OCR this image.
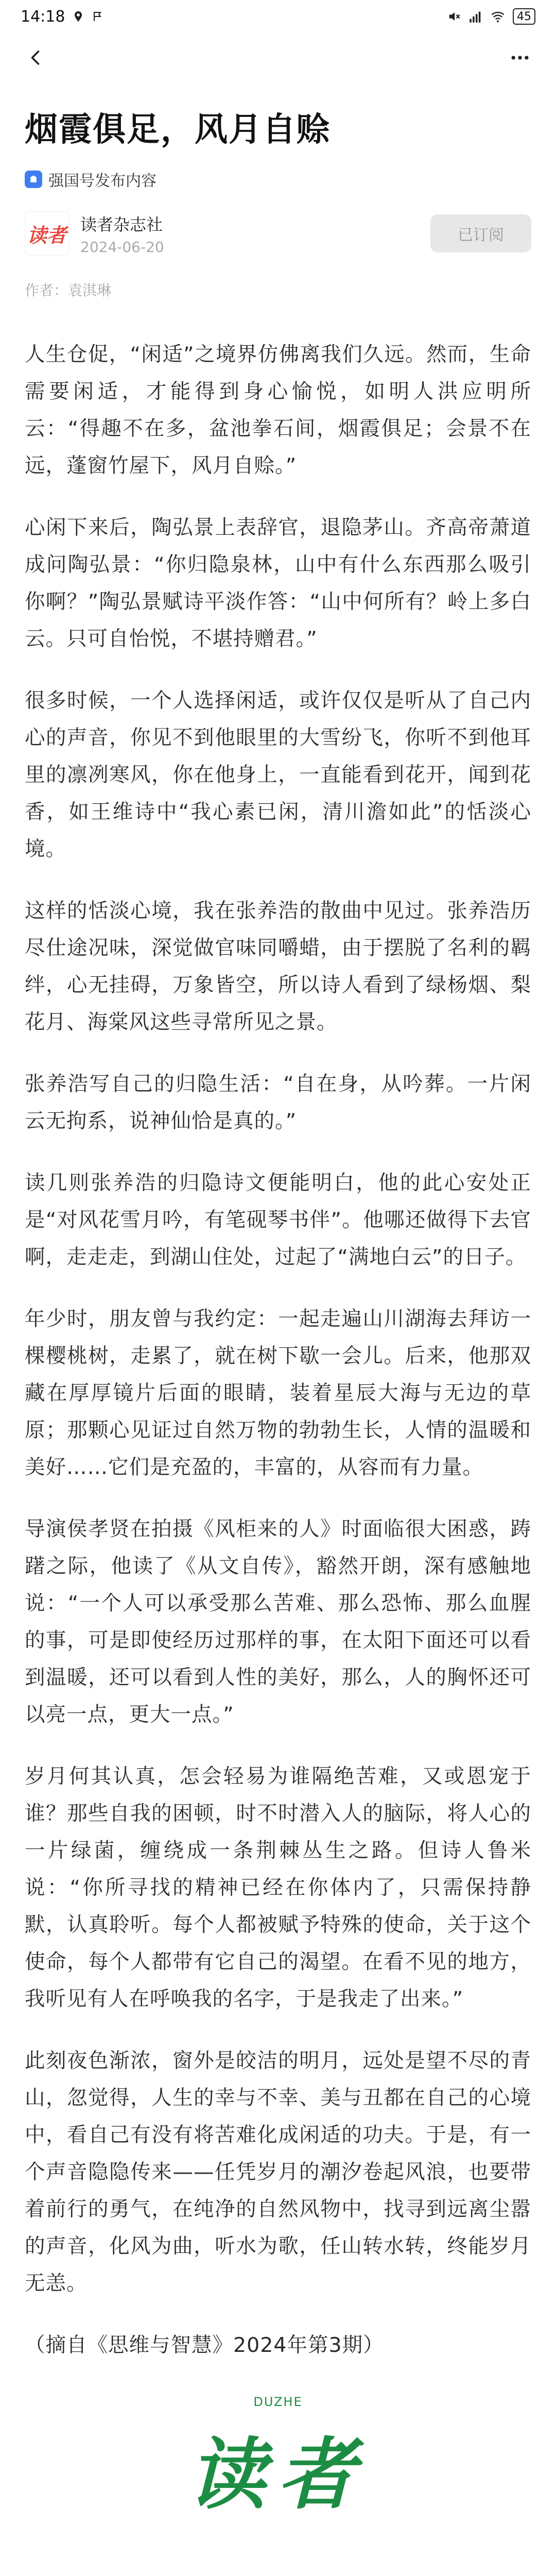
14:18	45
烟霞俱足，风月自赊
强国号发布内容
读者 读者杂志社
2024-06-20
已订阅
作者：袁淇琳

人生仓促，“闲适”之境界仿佛离我们久远。然而，生命需要闲适，才能得到身心愉悦，如明人洪应明所云：“得趣不在多，盆池拳石间，烟霞俱足；会景不在远，蓬窗竹屋下，风月自赊。”

心闲下来后，陶弘景上表辞官，退隐茅山。齐高帝萧道成问陶弘景：“你归隐泉林，山中有什么东西那么吸引你啊？”陶弘景赋诗平淡作答：“山中何所有？岭上多白云。只可自怡悦，不堪持赠君。”

很多时候，一个人选择闲适，或许仅仅是听从了自己内心的声音，你见不到他眼里的大雪纷飞，你听不到他耳里的凛冽寒风，你在他身上，一直能看到花开，闻到花香，如王维诗中“我心素已闲，清川澹如此”的恬淡心境。

这样的恬淡心境，我在张养浩的散曲中见过。张养浩历尽仕途况味，深觉做官味同嚼蜡，由于摆脱了名利的羁绊，心无挂碍，万象皆空，所以诗人看到了绿杨烟、梨花月、海棠风这些寻常所见之景。

张养浩写自己的归隐生活：“自在身，从吟葬。一片闲云无拘系，说神仙恰是真的。”

读几则张养浩的归隐诗文便能明白，他的此心安处正是“对风花雪月吟，有笔砚琴书伴”。他哪还做得下去官啊，走走走，到湖山住处，过起了“满地白云”的日子。

年少时，朋友曾与我约定：一起走遍山川湖海去拜访一棵樱桃树，走累了，就在树下歇一会儿。后来，他那双藏在厚厚镜片后面的眼睛，装着星辰大海与无边的草原；那颗心见证过自然万物的勃勃生长，人情的温暖和美好……它们是充盈的，丰富的，从容而有力量。

导演侯孝贤在拍摄《风柜来的人》时面临很大困惑，踌躇之际，他读了《从文自传》，豁然开朗，深有感触地说：“一个人可以承受那么苦难、那么恐怖、那么血腥的事，可是即使经历过那样的事，在太阳下面还可以看到温暖，还可以看到人性的美好，那么，人的胸怀还可以亮一点，更大一点。”

岁月何其认真，怎会轻易为谁隔绝苦难，又或恩宠于谁？那些自我的困顿，时不时潜入人的脑际，将人心的一片绿菌，缠绕成一条荆棘丛生之路。但诗人鲁米说：“你所寻找的精神已经在你体内了，只需保持静默，认真聆听。每个人都被赋予特殊的使命，关于这个使命，每个人都带有它自己的渴望。在看不见的地方，我听见有人在呼唤我的名字，于是我走了出来。”

此刻夜色渐浓，窗外是皎洁的明月，远处是望不尽的青山，忽觉得，人生的幸与不幸、美与丑都在自己的心境中，看自己有没有将苦难化成闲适的功夫。于是，有一个声音隐隐传来——任凭岁月的潮汐卷起风浪，也要带着前行的勇气，在纯净的自然风物中，找寻到远离尘嚣的声音，化风为曲，听水为歌，任山转水转，终能岁月无恙。

（摘自《思维与智慧》2024年第3期）

DUZHE
读者
